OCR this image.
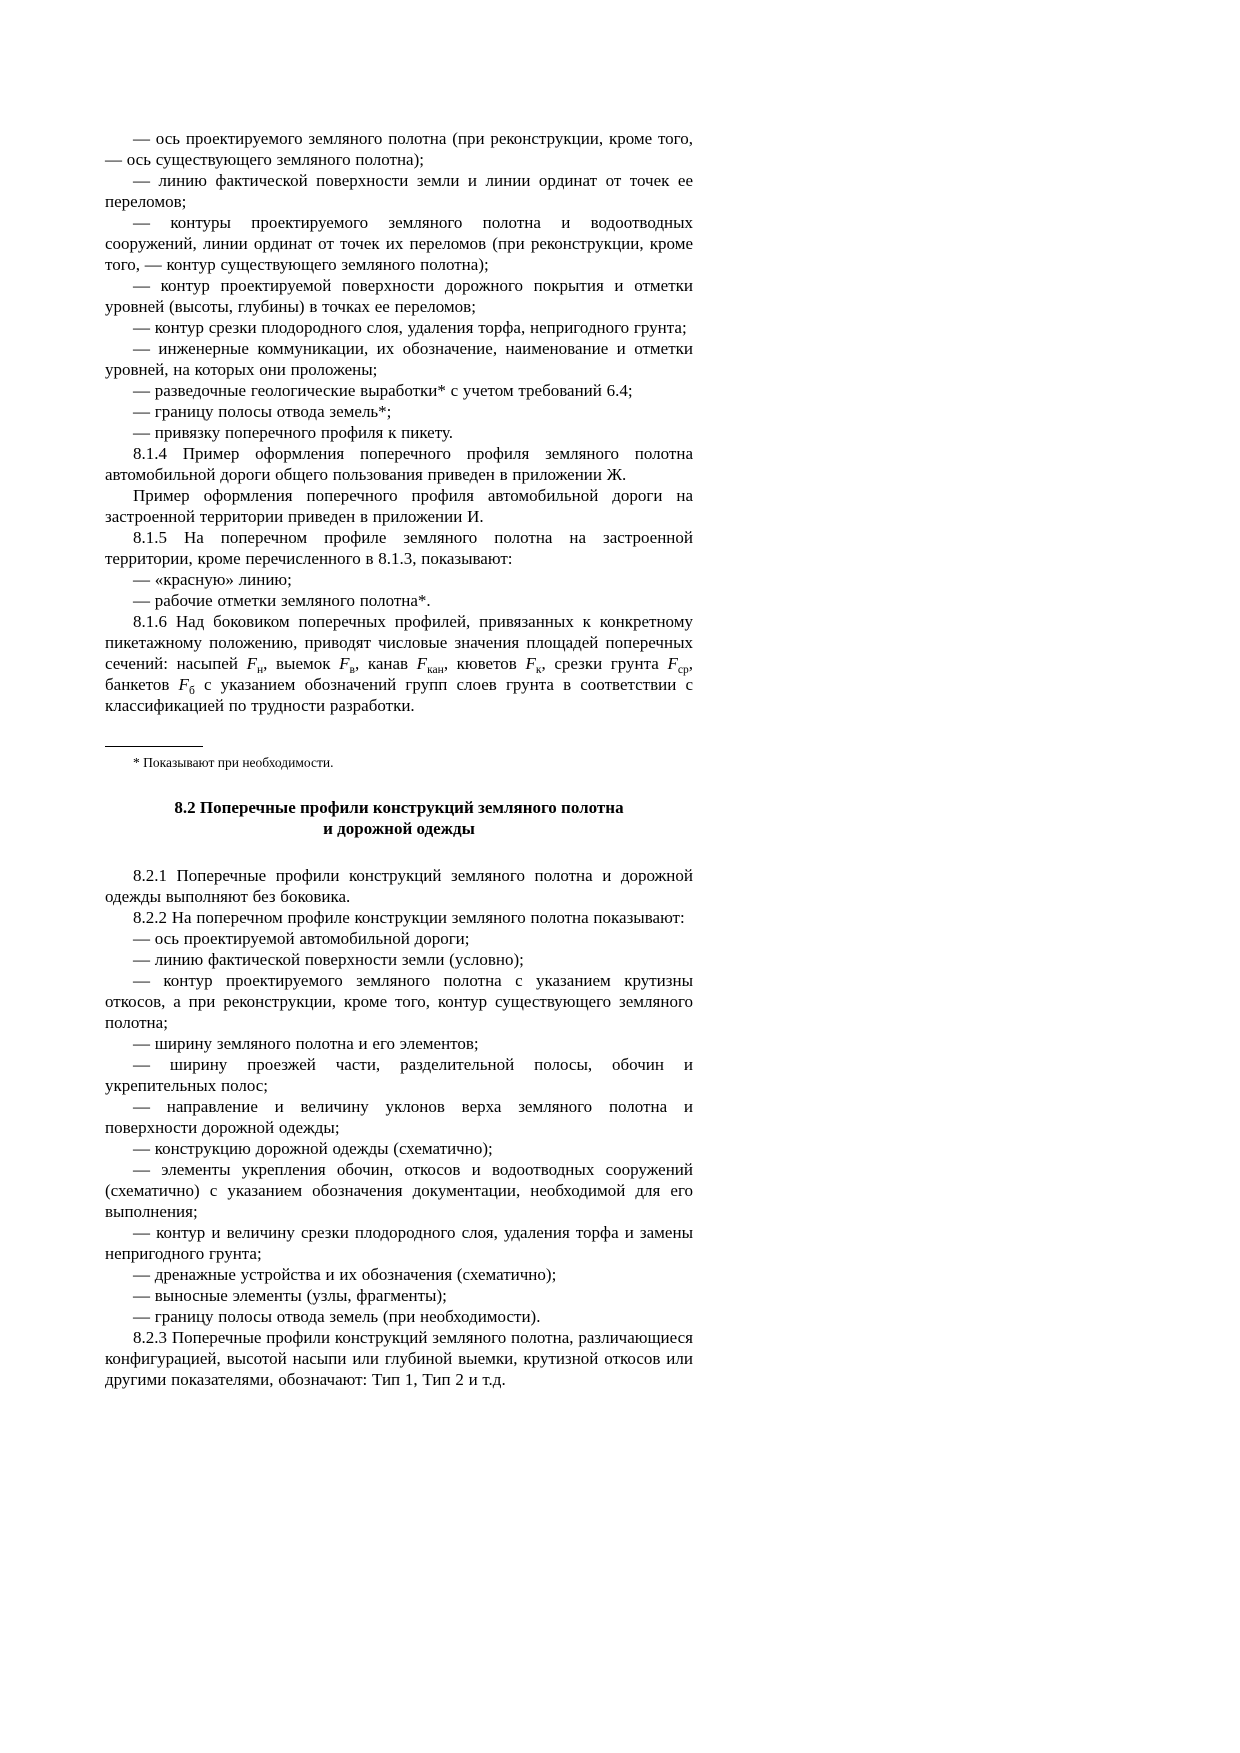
— ось проектируемого земляного полотна (при реконструкции, кроме того, — ось существующего земляного полотна);

— линию фактической поверхности земли и линии ординат от точек ее переломов;

— контуры проектируемого земляного полотна и водоотводных сооружений, линии ординат от точек их переломов (при реконструкции, кроме того, — контур существующего земляного полотна);

— контур проектируемой поверхности дорожного покрытия и отметки уровней (высоты, глубины) в точках ее переломов;

— контур срезки плодородного слоя, удаления торфа, непригодного грунта;

— инженерные коммуникации, их обозначение, наименование и отметки уровней, на которых они проложены;

— разведочные геологические выработки* с учетом требований 6.4;

— границу полосы отвода земель*;

— привязку поперечного профиля к пикету.

8.1.4 Пример оформления поперечного профиля земляного полотна автомобильной дороги общего пользования приведен в приложении Ж.

Пример оформления поперечного профиля автомобильной дороги на застроенной территории приведен в приложении И.

8.1.5 На поперечном профиле земляного полотна на застроенной территории, кроме перечисленного в 8.1.3, показывают:

— «красную» линию;

— рабочие отметки земляного полотна*.

8.1.6 Над боковиком поперечных профилей, привязанных к конкретному пикетажному положению, приводят числовые значения площадей поперечных сечений: насыпей $F_н$, выемок $F_в$, канав $F_{кан}$, кюветов $F_к$, срезки грунта $F_{ср}$, банкетов $F_б$ с указанием обозначений групп слоев грунта в соответствии с классификацией по трудности разработки.

* Показывают при необходимости.

8.2 Поперечные профили конструкций земляного полотна
и дорожной одежды

8.2.1 Поперечные профили конструкций земляного полотна и дорожной одежды выполняют без боковика.

8.2.2 На поперечном профиле конструкции земляного полотна показывают:

— ось проектируемой автомобильной дороги;

— линию фактической поверхности земли (условно);

— контур проектируемого земляного полотна с указанием крутизны откосов, а при реконструкции, кроме того, контур существующего земляного полотна;

— ширину земляного полотна и его элементов;

— ширину проезжей части, разделительной полосы, обочин и укрепительных полос;

— направление и величину уклонов верха земляного полотна и поверхности дорожной одежды;

— конструкцию дорожной одежды (схематично);

— элементы укрепления обочин, откосов и водоотводных сооружений (схематично) с указанием обозначения документации, необходимой для его выполнения;

— контур и величину срезки плодородного слоя, удаления торфа и замены непригодного грунта;

— дренажные устройства и их обозначения (схематично);

— выносные элементы (узлы, фрагменты);

— границу полосы отвода земель (при необходимости).

8.2.3 Поперечные профили конструкций земляного полотна, различающиеся конфигурацией, высотой насыпи или глубиной выемки, крутизной откосов или другими показателями, обозначают: Тип 1, Тип 2 и т.д.
